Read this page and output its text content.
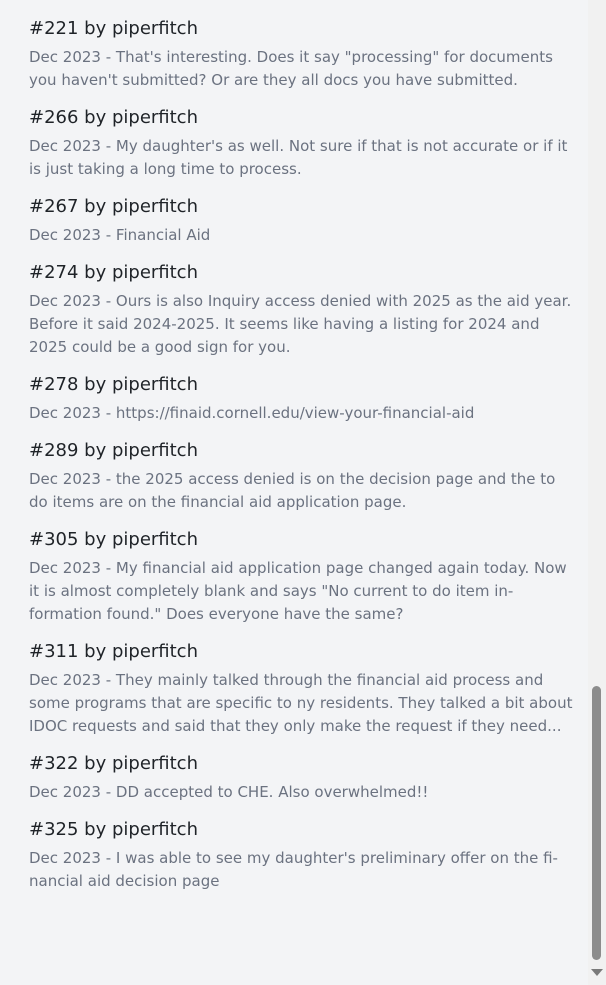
#221 by piperfitch
Dec 2023 - That's interesting. Does it say "processing" for documents you haven't submitted? Or are they all docs you have submitted.
#266 by piperfitch
Dec 2023 - My daughter's as well. Not sure if that is not accurate or if it is just taking a long time to process.
#267 by piperfitch
Dec 2023 - Financial Aid
#274 by piperfitch
Dec 2023 - Ours is also Inquiry access denied with 2025 as the aid year. Before it said 2024-2025. It seems like having a listing for 2024 and 2025 could be a good sign for you.
#278 by piperfitch
Dec 2023 - https://finaid.cornell.edu/view-your-financial-aid
#289 by piperfitch
Dec 2023 - the 2025 access denied is on the decision page and the to do items are on the financial aid application page.
#305 by piperfitch
Dec 2023 - My financial aid application page changed again today. Now it is almost completely blank and says "No current to do item in-formation found." Does everyone have the same?
#311 by piperfitch
Dec 2023 - They mainly talked through the financial aid process and some programs that are specific to ny residents. They talked a bit about IDOC requests and said that they only make the request if they need...
#322 by piperfitch
Dec 2023 - DD accepted to CHE. Also overwhelmed!!
#325 by piperfitch
Dec 2023 - I was able to see my daughter's preliminary offer on the fi-nancial aid decision page
